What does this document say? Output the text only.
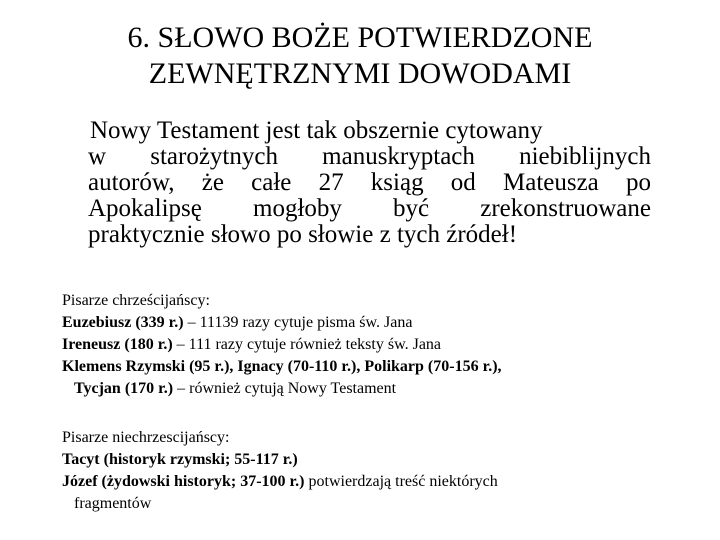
6. SŁOWO BOŻE POTWIERDZONE
ZEWNĘTRZNYMI DOWODAMI
Nowy Testament jest tak obszernie cytowany
w starożytnych manuskryptach niebiblijnych
autorów, że całe 27 ksiąg od Mateusza po
Apokalipsę mogłoby być zrekonstruowane
praktycznie słowo po słowie z tych źródeł!
Pisarze chrześcijańscy:
Euzebiusz (339 r.) – 11139 razy cytuje pisma św. Jana
Ireneusz (180 r.) – 111 razy cytuje również teksty św. Jana
Klemens Rzymski (95 r.), Ignacy (70-110 r.), Polikarp (70-156 r.),
Tycjan (170 r.) – również cytują Nowy Testament
Pisarze niechrzescijańscy:
Tacyt (historyk rzymski; 55-117 r.)
Józef (żydowski historyk; 37-100 r.) potwierdzają treść niektórych
fragmentów
